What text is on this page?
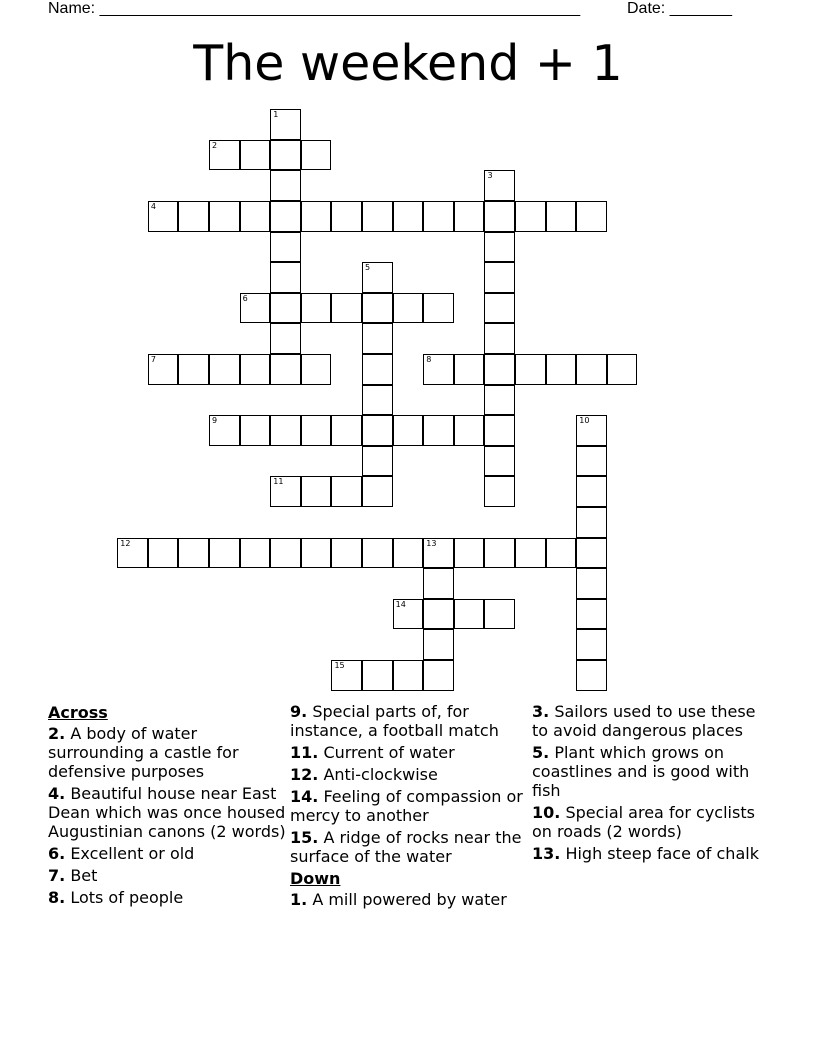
Name: ______________________________________________________	Date: _______
The weekend + 1
1
2
3
4
5
6
7	8
9	10
11
12	13
14
15
Across
2. A body of water surrounding a castle for defensive purposes
4. Beautiful house near East Dean which was once housed Augustinian canons (2 words)
6. Excellent or old
7. Bet
8. Lots of people
9. Special parts of, for instance, a football match
11. Current of water
12. Anti-clockwise
14. Feeling of compassion or mercy to another
15. A ridge of rocks near the surface of the water
Down
1. A mill powered by water
3. Sailors used to use these to avoid dangerous places
5. Plant which grows on coastlines and is good with fish
10. Special area for cyclists on roads (2 words)
13. High steep face of chalk
